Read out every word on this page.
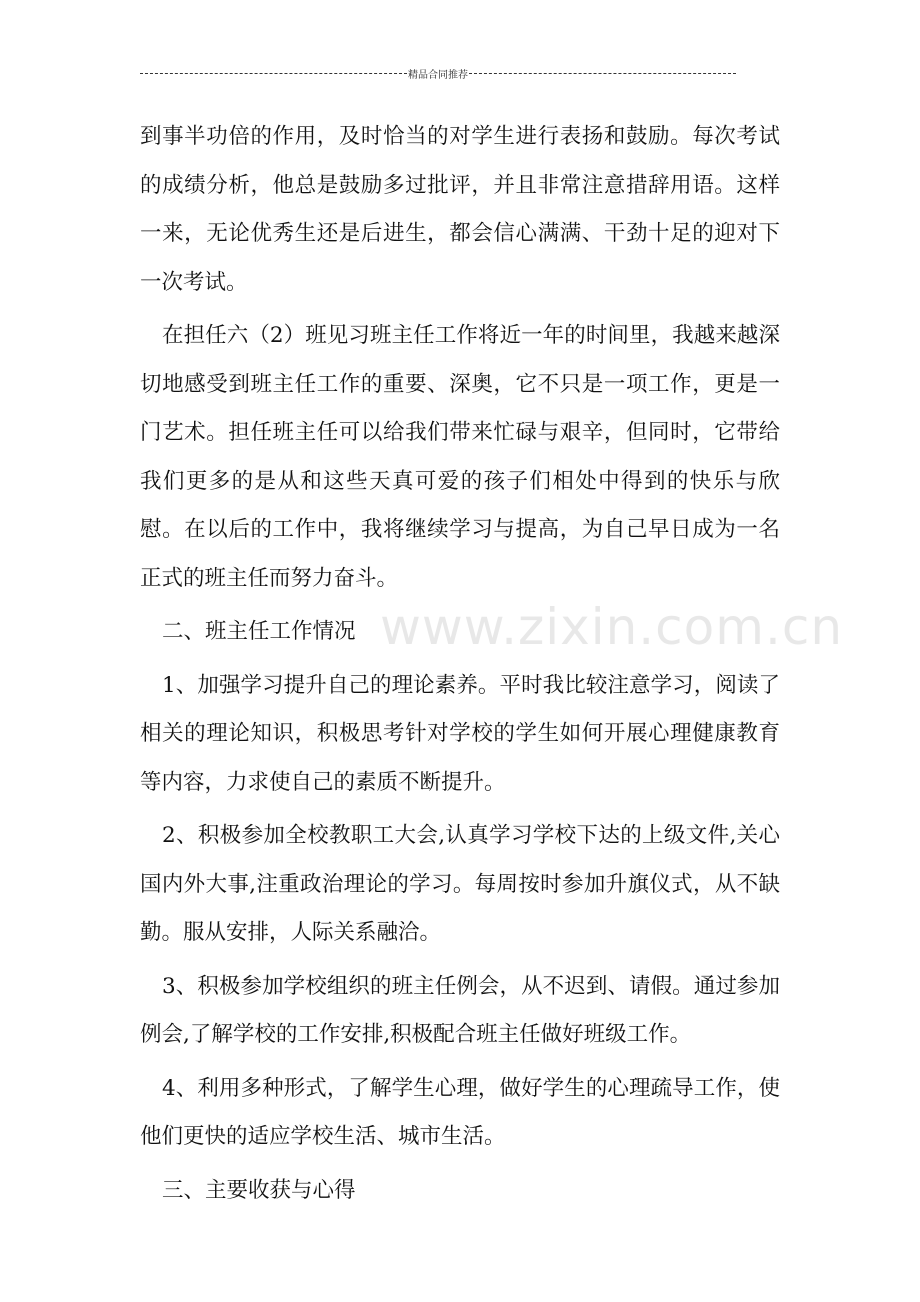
精品合同推荐
www.zixin.com.cn

到事半功倍的作用，及时恰当的对学生进行表扬和鼓励。每次考试的成绩分析，他总是鼓励多过批评，并且非常注意措辞用语。这样一来，无论优秀生还是后进生，都会信心满满、干劲十足的迎对下一次考试。

在担任六（2）班见习班主任工作将近一年的时间里，我越来越深切地感受到班主任工作的重要、深奥，它不只是一项工作，更是一门艺术。担任班主任可以给我们带来忙碌与艰辛，但同时，它带给我们更多的是从和这些天真可爱的孩子们相处中得到的快乐与欣慰。在以后的工作中，我将继续学习与提高，为自己早日成为一名正式的班主任而努力奋斗。

二、班主任工作情况

1、加强学习提升自己的理论素养。平时我比较注意学习，阅读了相关的理论知识，积极思考针对学校的学生如何开展心理健康教育等内容，力求使自己的素质不断提升。

2、积极参加全校教职工大会,认真学习学校下达的上级文件,关心国内外大事,注重政治理论的学习。每周按时参加升旗仪式，从不缺勤。服从安排，人际关系融洽。

3、积极参加学校组织的班主任例会，从不迟到、请假。通过参加例会,了解学校的工作安排,积极配合班主任做好班级工作。

4、利用多种形式，了解学生心理，做好学生的心理疏导工作，使他们更快的适应学校生活、城市生活。

三、主要收获与心得
